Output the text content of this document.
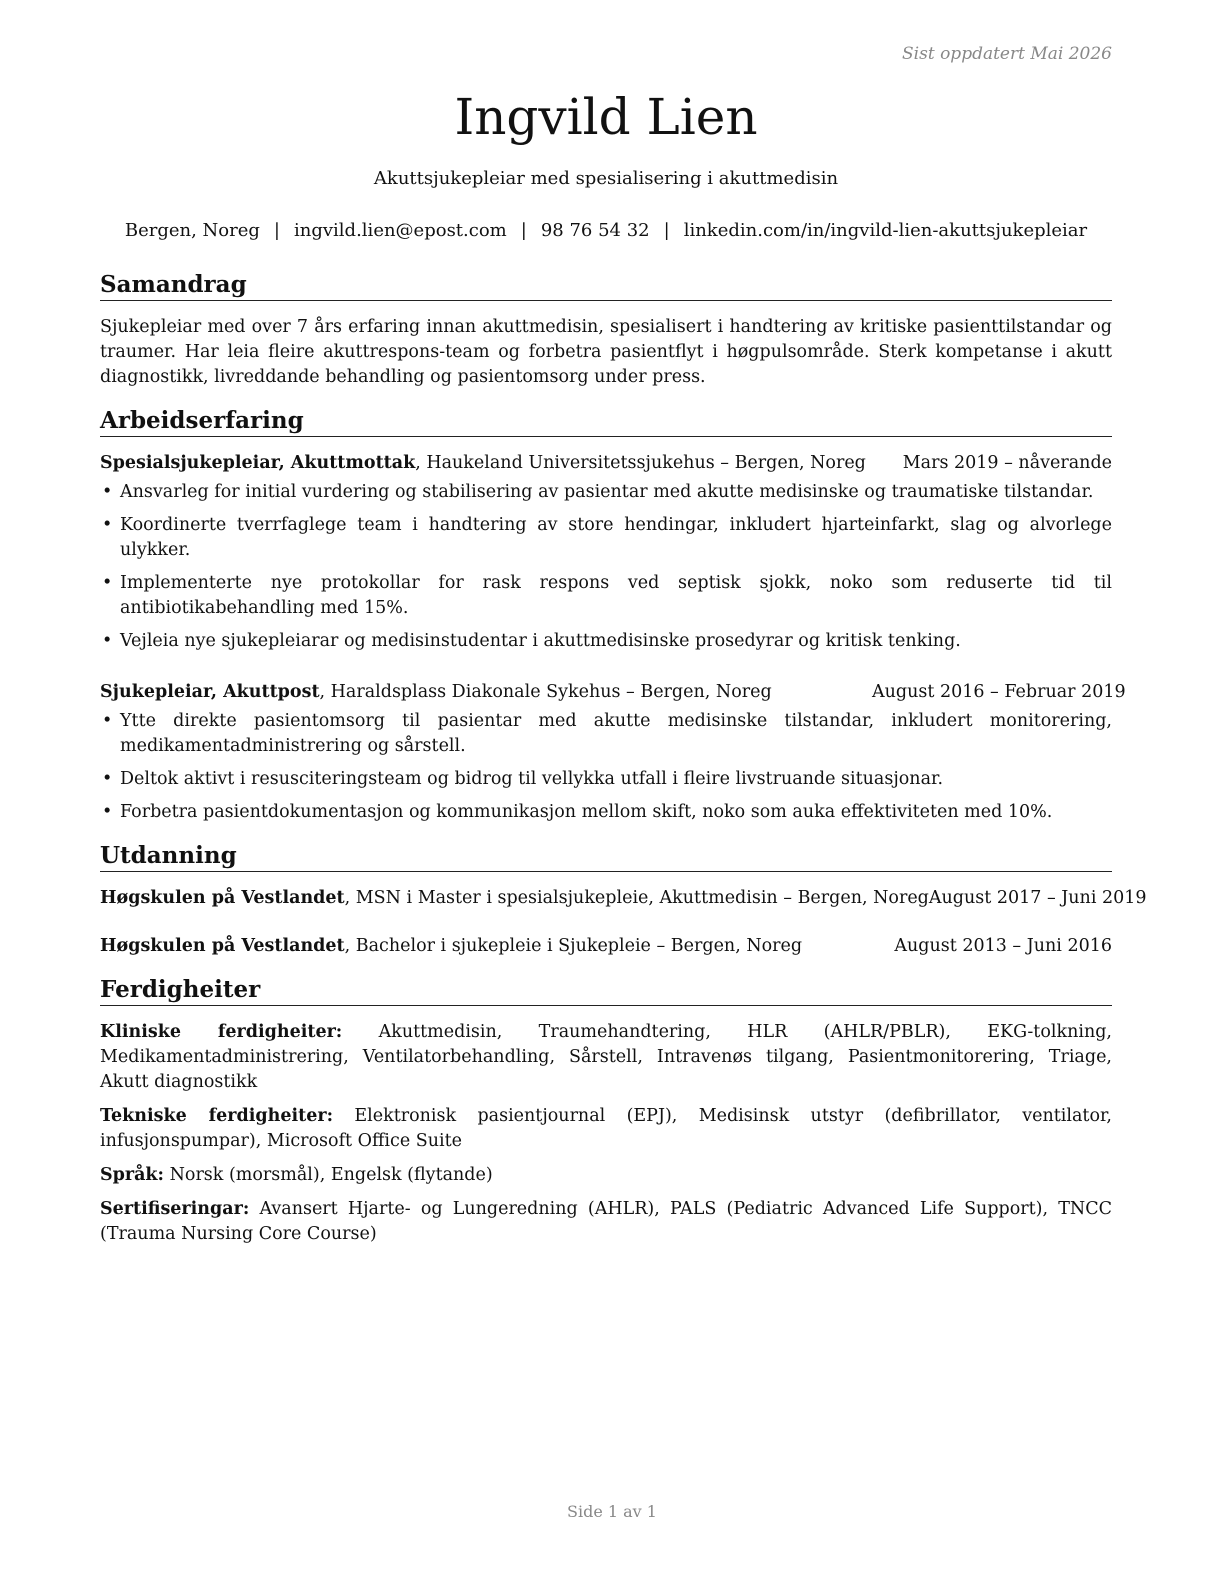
Sist oppdatert Mai 2026
Ingvild Lien
Akuttsjukepleiar med spesialisering i akuttmedisin
Bergen, Noreg | ingvild.lien@epost.com | 98 76 54 32 | linkedin.com/in/ingvild-lien-akuttsjukepleiar
Samandrag

Sjukepleiar med over 7 års erfaring innan akuttmedisin, spesialisert i handtering av kritiske pasienttilstandar og traumer. Har leia fleire akuttrespons-team og forbetra pasientflyt i høgpulsområde. Sterk kompetanse i akutt diagnostikk, livreddande behandling og pasientomsorg under press.

Arbeidserfaring
Spesialsjukepleiar, Akuttmottak, Haukeland Universitetssjukehus – Bergen, Noreg Mars 2019 – nåverande
• Ansvarleg for initial vurdering og stabilisering av pasientar med akutte medisinske og traumatiske tilstandar.
• Koordinerte tverrfaglege team i handtering av store hendingar, inkludert hjarteinfarkt, slag og alvorlege ulykker.
• Implementerte nye protokollar for rask respons ved septisk sjokk, noko som reduserte tid til antibiotikabehandling med 15%.
• Vejleia nye sjukepleiarar og medisinstudentar i akuttmedisinske prosedyrar og kritisk tenking.
Sjukepleiar, Akuttpost, Haraldsplass Diakonale Sykehus – Bergen, Noreg	August 2016 – Februar 2019
• Ytte direkte pasientomsorg til pasientar med akutte medisinske tilstandar, inkludert monitorering, medikamentadministrering og sårstell.
• Deltok aktivt i resusciteringsteam og bidrog til vellykka utfall i fleire livstruande situasjonar.
• Forbetra pasientdokumentasjon og kommunikasjon mellom skift, noko som auka effektiviteten med 10%.
Utdanning
Høgskulen på Vestlandet, MSN i Master i spesialsjukepleie, Akuttmedisin – Bergen, Noreg August 2017 – Juni 2019
Høgskulen på Vestlandet, Bachelor i sjukepleie i Sjukepleie – Bergen, Noreg	August 2013 – Juni 2016
Ferdigheiter
Kliniske ferdigheiter: Akuttmedisin, Traumehandtering, HLR (AHLR/PBLR), EKG-tolkning, Medikamentadministrering, Ventilatorbehandling, Sårstell, Intravenøs tilgang, Pasientmonitorering, Triage, Akutt diagnostikk
Tekniske ferdigheiter: Elektronisk pasientjournal (EPJ), Medisinsk utstyr (defibrillator, ventilator, infusjonspumpar), Microsoft Office Suite
Språk: Norsk (morsmål), Engelsk (flytande)
Sertifiseringar: Avansert Hjarte- og Lungeredning (AHLR), PALS (Pediatric Advanced Life Support), TNCC (Trauma Nursing Core Course)
Side 1 av 1
